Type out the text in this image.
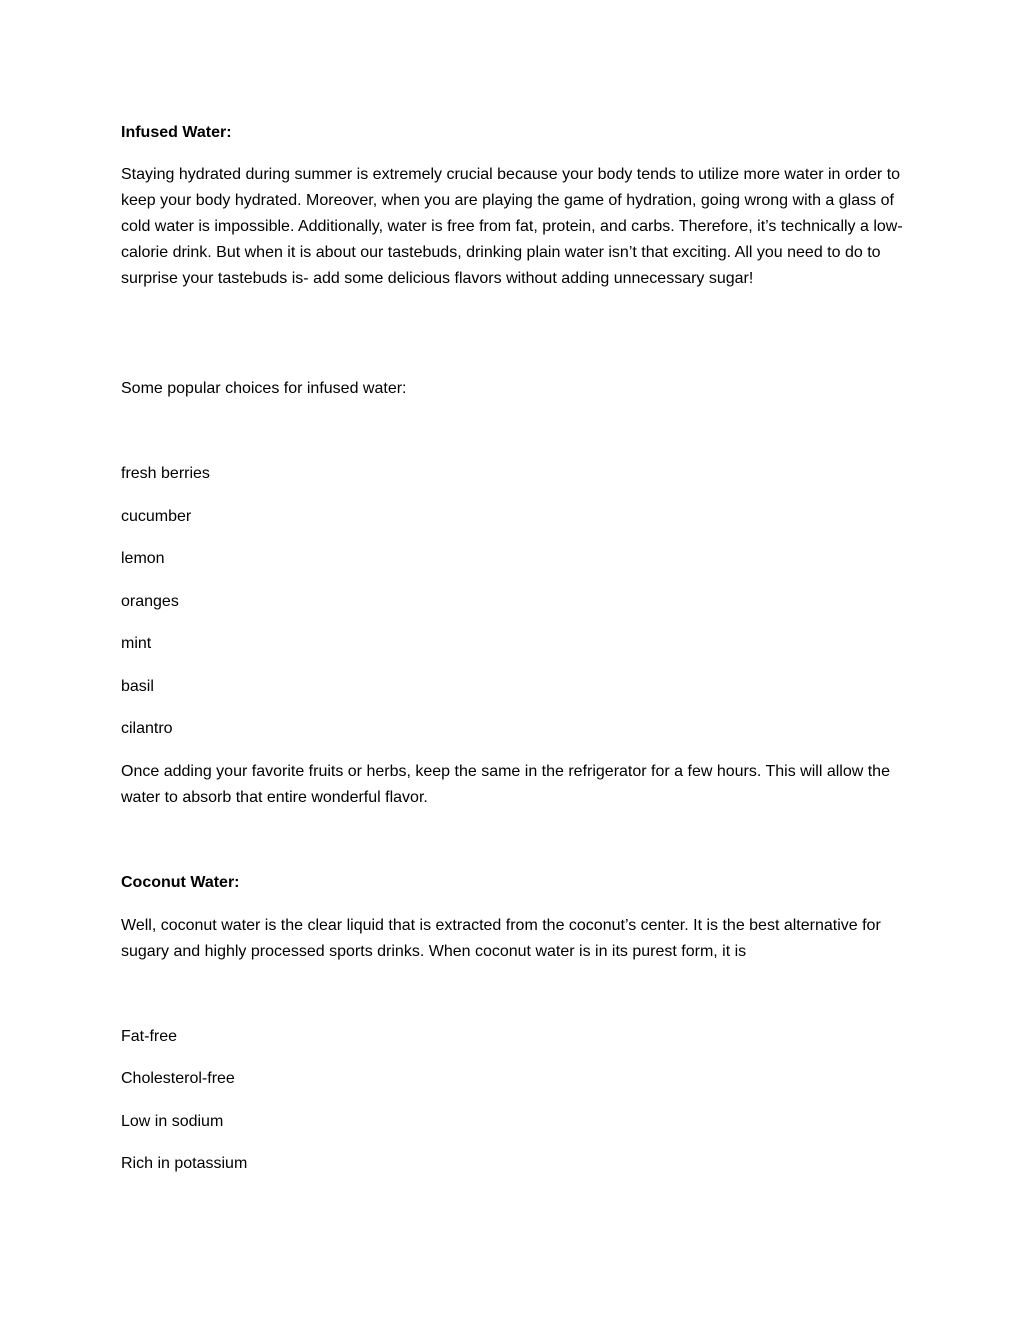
Infused Water:
Staying hydrated during summer is extremely crucial because your body tends to utilize more water in order to keep your body hydrated. Moreover, when you are playing the game of hydration, going wrong with a glass of cold water is impossible. Additionally, water is free from fat, protein, and carbs. Therefore, it’s technically a low-calorie drink. But when it is about our tastebuds, drinking plain water isn’t that exciting. All you need to do to surprise your tastebuds is- add some delicious flavors without adding unnecessary sugar!
Some popular choices for infused water:
fresh berries
cucumber
lemon
oranges
mint
basil
cilantro
Once adding your favorite fruits or herbs, keep the same in the refrigerator for a few hours. This will allow the water to absorb that entire wonderful flavor.
Coconut Water:
Well, coconut water is the clear liquid that is extracted from the coconut’s center. It is the best alternative for sugary and highly processed sports drinks. When coconut water is in its purest form, it is
Fat-free
Cholesterol-free
Low in sodium
Rich in potassium
